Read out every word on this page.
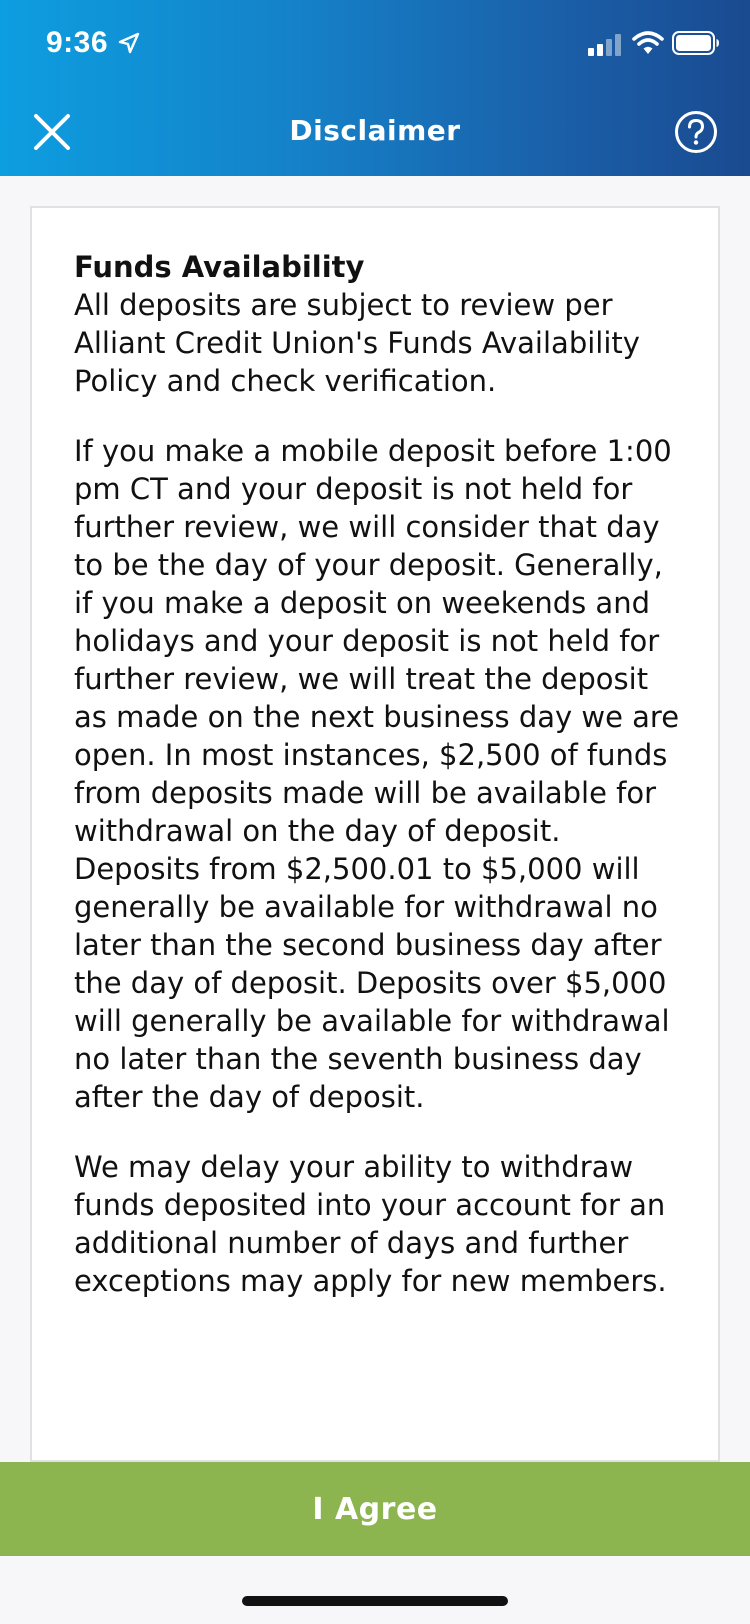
9:36
Disclaimer
Funds Availability

All deposits are subject to review per Alliant Credit Union's Funds Availability Policy and check verification.

If you make a mobile deposit before 1:00 pm CT and your deposit is not held for further review, we will consider that day to be the day of your deposit. Generally, if you make a deposit on weekends and holidays and your deposit is not held for further review, we will treat the deposit as made on the next business day we are open. In most instances, $2,500 of funds from deposits made will be available for withdrawal on the day of deposit. Deposits from $2,500.01 to $5,000 will generally be available for withdrawal no later than the second business day after the day of deposit. Deposits over $5,000 will generally be available for withdrawal no later than the seventh business day after the day of deposit.

We may delay your ability to withdraw funds deposited into your account for an additional number of days and further exceptions may apply for new members.

I Agree
